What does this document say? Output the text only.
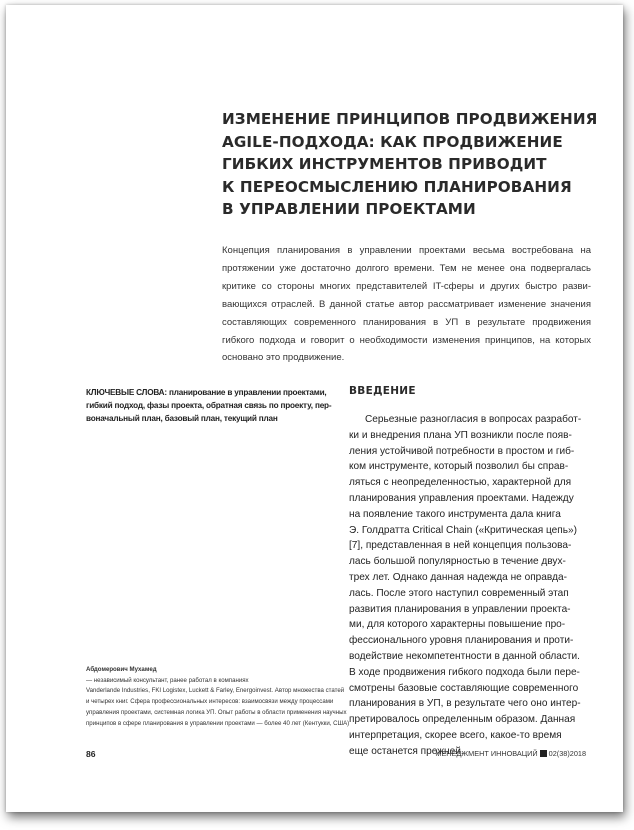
ИЗМЕНЕНИЕ ПРИНЦИПОВ ПРОДВИЖЕНИЯ
AGILE-ПОДХОДА: КАК ПРОДВИЖЕНИЕ
ГИБКИХ ИНСТРУМЕНТОВ ПРИВОДИТ
К ПЕРЕОСМЫСЛЕНИЮ ПЛАНИРОВАНИЯ
В УПРАВЛЕНИИ ПРОЕКТАМИ
Концепция планирования в управлении проектами весьма востребована на
протяжении уже достаточно долгого времени. Тем не менее она подвергалась
критике со стороны многих представителей IT-сферы и других быстро разви-
вающихся отраслей. В данной статье автор рассматривает изменение значения
составляющих современного планирования в УП в результате продвижения
гибкого подхода и говорит о необходимости изменения принципов, на которых
основано это продвижение.
КЛЮЧЕВЫЕ СЛОВА: планирование в управлении проектами,
гибкий подход, фазы проекта, обратная связь по проекту, пер-
воначальный план, базовый план, текущий план
ВВЕДЕНИЕ
Серьезные разногласия в вопросах разработ-
ки и внедрения плана УП возникли после появ-
ления устойчивой потребности в простом и гиб-
ком инструменте, который позволил бы справ-
ляться с неопределенностью, характерной для
планирования управления проектами. Надежду
на появление такого инструмента дала книга
Э. Голдратта Critical Chain («Критическая цепь»)
[7], представленная в ней концепция пользова-
лась большой популярностью в течение двух-
трех лет. Однако данная надежда не оправда-
лась. После этого наступил современный этап
развития планирования в управлении проекта-
ми, для которого характерны повышение про-
фессионального уровня планирования и проти-
водействие некомпетентности в данной области.
В ходе продвижения гибкого подхода были пере-
смотрены базовые составляющие современного
планирования в УП, в результате чего оно интер-
претировалось определенным образом. Данная
интерпретация, скорее всего, какое-то время
еще останется прежней.
Абдомерович Мухамед
— независимый консультант, ранее работал в компаниях
Vanderlande Industries, FKI Logistex, Luckett & Farley, Energoinvest. Автор множества статей
и четырех книг. Сфера профессиональных интересов: взаимосвязи между процессами
управления проектами, системная логика УП. Опыт работы в области применения научных
принципов в сфере планирования в управлении проектами — более 40 лет (Кентукки, США)
86	МЕНЕДЖМЕНТ ИННОВАЦИЙ 02(38)2018
